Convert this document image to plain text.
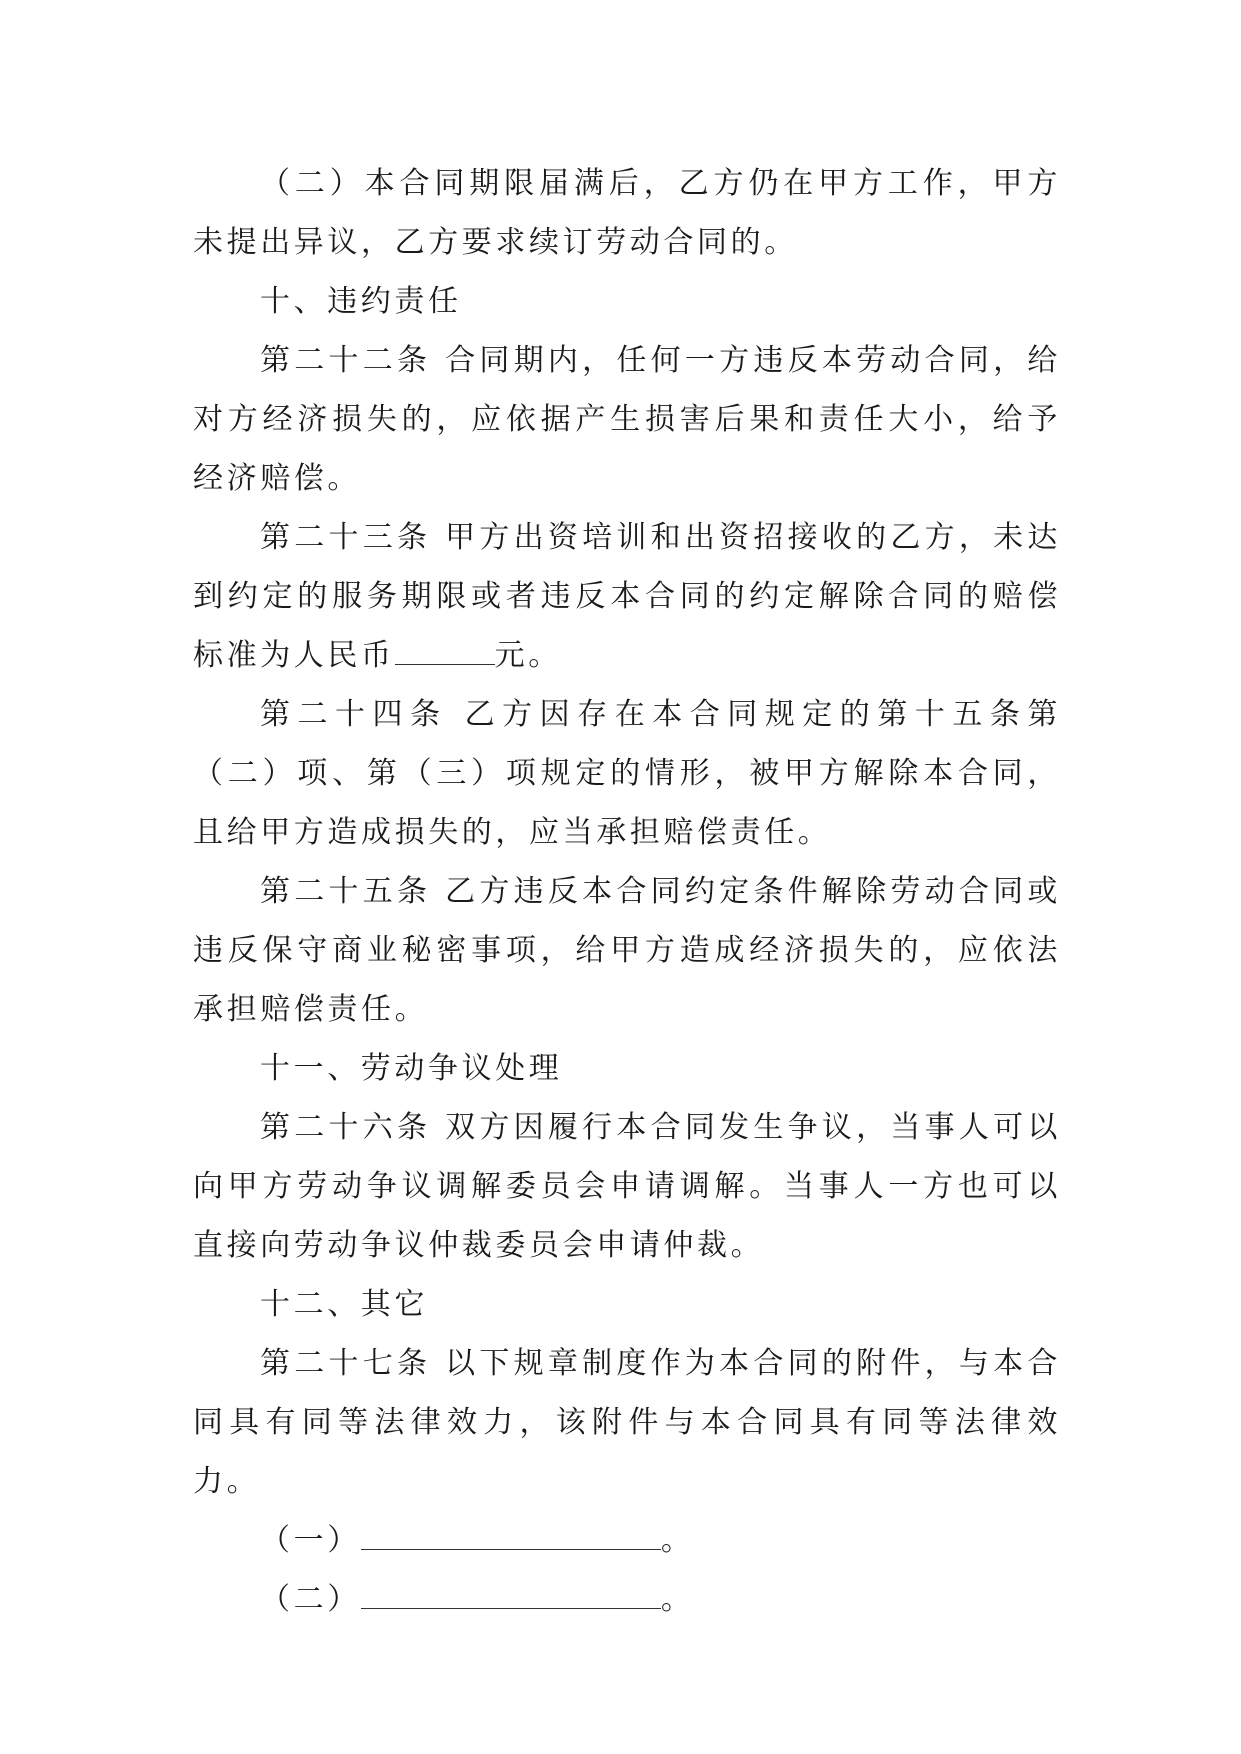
（二）本合同期限届满后，乙方仍在甲方工作，甲方未提出异议，乙方要求续订劳动合同的。

十、违约责任

第二十二条 合同期内，任何一方违反本劳动合同，给对方经济损失的，应依据产生损害后果和责任大小，给予经济赔偿。

第二十三条 甲方出资培训和出资招接收的乙方，未达到约定的服务期限或者违反本合同的约定解除合同的赔偿标准为人民币	元。

第二十四条 乙方因存在本合同规定的第十五条第（二）项、第（三）项规定的情形，被甲方解除本合同，且给甲方造成损失的，应当承担赔偿责任。

第二十五条 乙方违反本合同约定条件解除劳动合同或违反保守商业秘密事项，给甲方造成经济损失的，应依法承担赔偿责任。

十一、劳动争议处理

第二十六条 双方因履行本合同发生争议，当事人可以向甲方劳动争议调解委员会申请调解。当事人一方也可以直接向劳动争议仲裁委员会申请仲裁。

十二、其它

第二十七条 以下规章制度作为本合同的附件，与本合同具有同等法律效力，该附件与本合同具有同等法律效力。

（一）	。

（二）	。
